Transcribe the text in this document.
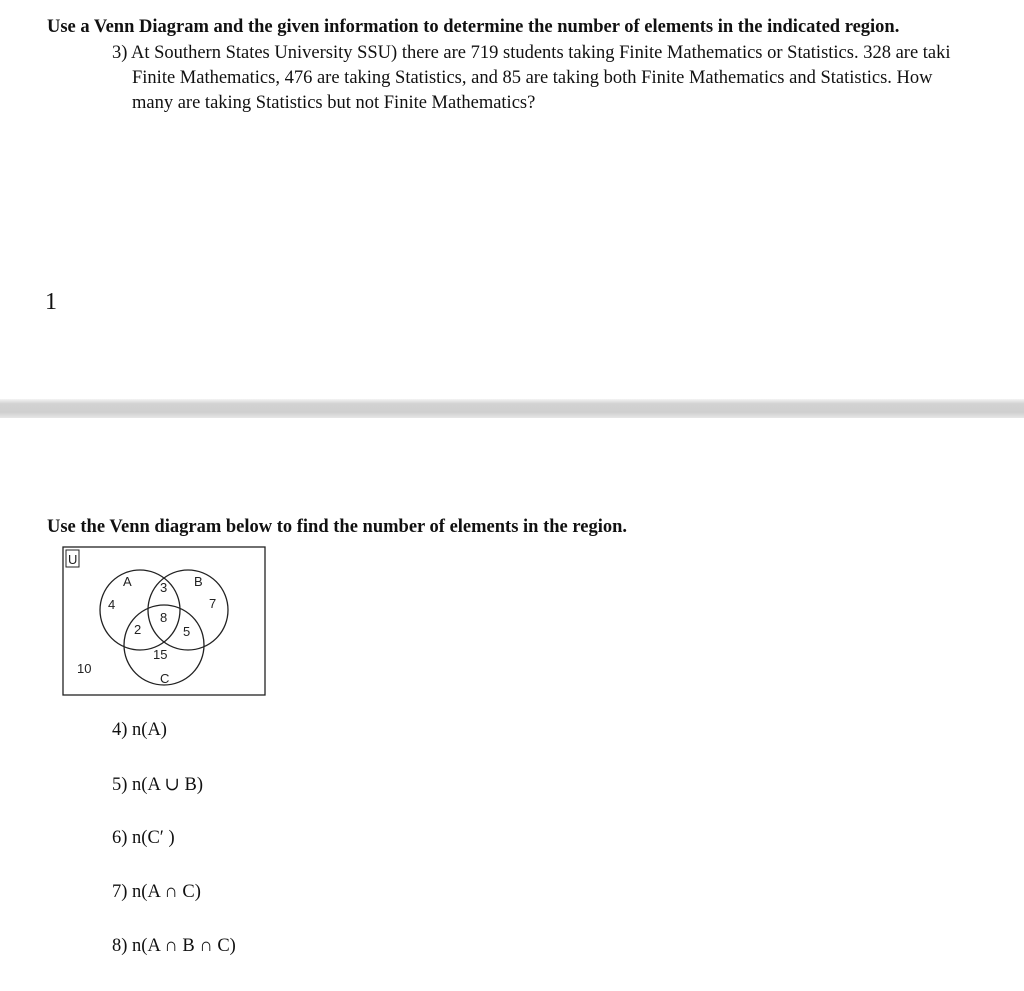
Use a Venn Diagram and the given information to determine the number of elements in the indicated region.
3) At Southern States University SSU) there are 719 students taking Finite Mathematics or Statistics. 328 are taki
Finite Mathematics, 476 are taking Statistics, and 85 are taking both Finite Mathematics and Statistics. How
many are taking Statistics but not Finite Mathematics?
1
Use the Venn diagram below to find the number of elements in the region.
U
A	B
C
4	7
15
3
2	5
8
10
4) n(A)
5) n(A ∪ B)
6) n(C′ )
7) n(A ∩ C)
8) n(A ∩ B ∩ C)
